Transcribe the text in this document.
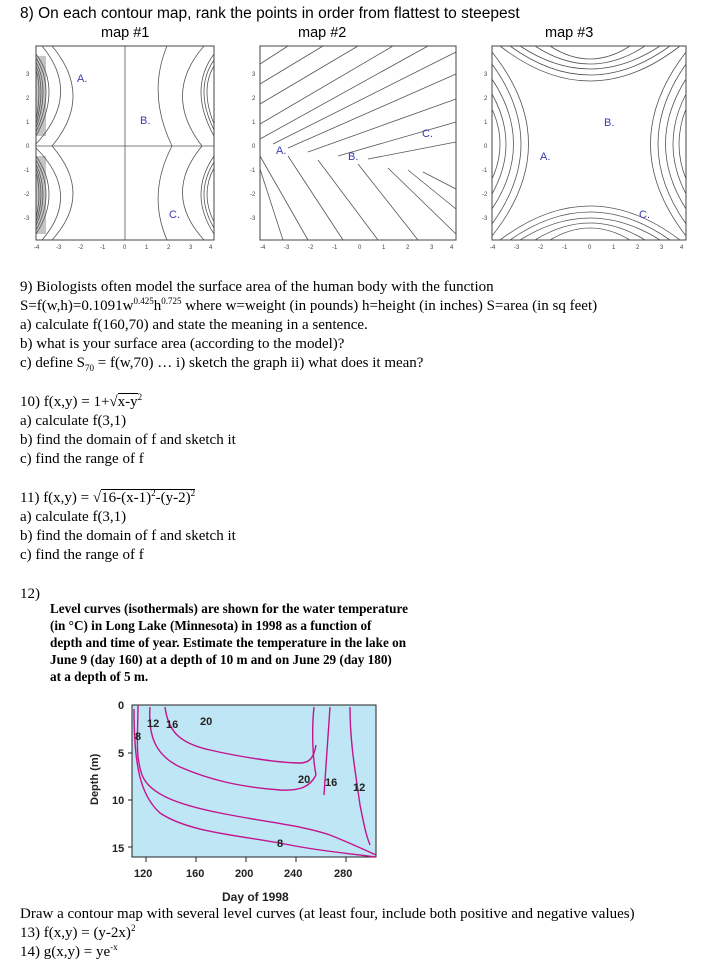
8) On each contour map, rank the points in order from flattest to steepest
map #1	map #2	map #3
A.
B.
C.
3
2
1
0
-1
-2
-3
-4	-3	-2	-1	0	1	2	3	4
A.	B.
C.
3
2
1
0
-1
-2
-3
-4	-3	-2	-1	0	1	2	3	4
A.
B.
C.
3
2
1
0
-1
-2
-3
-4	-3	-2	-1	0	1	2	3	4
9) Biologists often model the surface area of the human body with the function
$S=f(w,h)=0.1091w^{0.425}h^{0.725}$ where w=weight (in pounds) h=height (in inches) S=area (in sq feet)
a) calculate f(160,70) and state the meaning in a sentence.
b) what is your surface area (according to the model)?
c) define $S_{70} = f(w,70)$ … i) sketch the graph ii) what does it mean?
10) $f(x,y) = 1+√x-y^2$
a) calculate f(3,1)
b) find the domain of f and sketch it
c) find the range of f
11) $f(x,y) = √16-(x-1)^2-(y-2)^2$
a) calculate f(3,1)
b) find the domain of f and sketch it
c) find the range of f
12)
Level curves (isothermals) are shown for the water temperature
(in °C) in Long Lake (Minnesota) in 1998 as a function of
depth and time of year. Estimate the temperature in the lake on
June 9 (day 160) at a depth of 10 m and on June 29 (day 180)
at a depth of 5 m.
12 16 20
8
20 16 12
8
0
5
10
15
120	160	200	240	280
Day of 1998
Depth (m)
Draw a contour map with several level curves (at least four, include both positive and negative values)
13) $f(x,y) = (y-2x)^2$
14) $g(x,y) = ye^{-x}$
